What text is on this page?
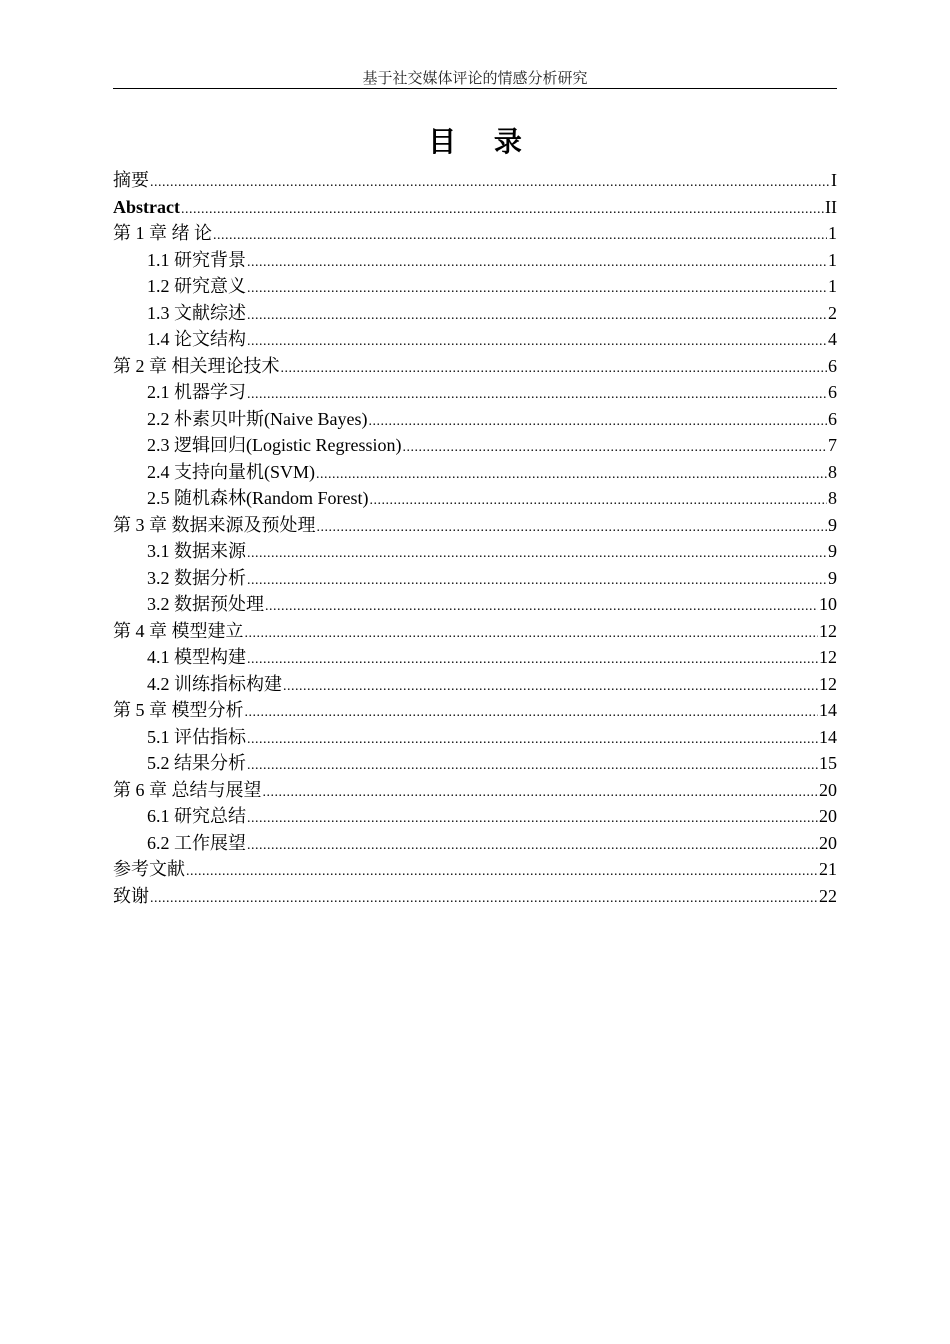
基于社交媒体评论的情感分析研究
目 录
摘要 .....	I
Abstract .....	II
第 1 章 绪 论 .....	1
1.1 研究背景 .....	1
1.2 研究意义 .....	1
1.3 文献综述 .....	2
1.4 论文结构 .....	4
第 2 章 相关理论技术 .....	6
2.1 机器学习 .....	6
2.2 朴素贝叶斯(Naive Bayes) .....	6
2.3 逻辑回归(Logistic Regression) .....	7
2.4 支持向量机(SVM) .....	8
2.5 随机森林(Random Forest) .....	8
第 3 章 数据来源及预处理 .....	9
3.1 数据来源 .....	9
3.2 数据分析 .....	9
3.2 数据预处理 .....	10
第 4 章 模型建立 .....	12
4.1 模型构建 .....	12
4.2 训练指标构建 .....	12
第 5 章 模型分析 .....	14
5.1 评估指标 .....	14
5.2 结果分析 .....	15
第 6 章 总结与展望 .....	20
6.1 研究总结 .....	20
6.2 工作展望 .....	20
参考文献 .....	21
致谢 .....	22
